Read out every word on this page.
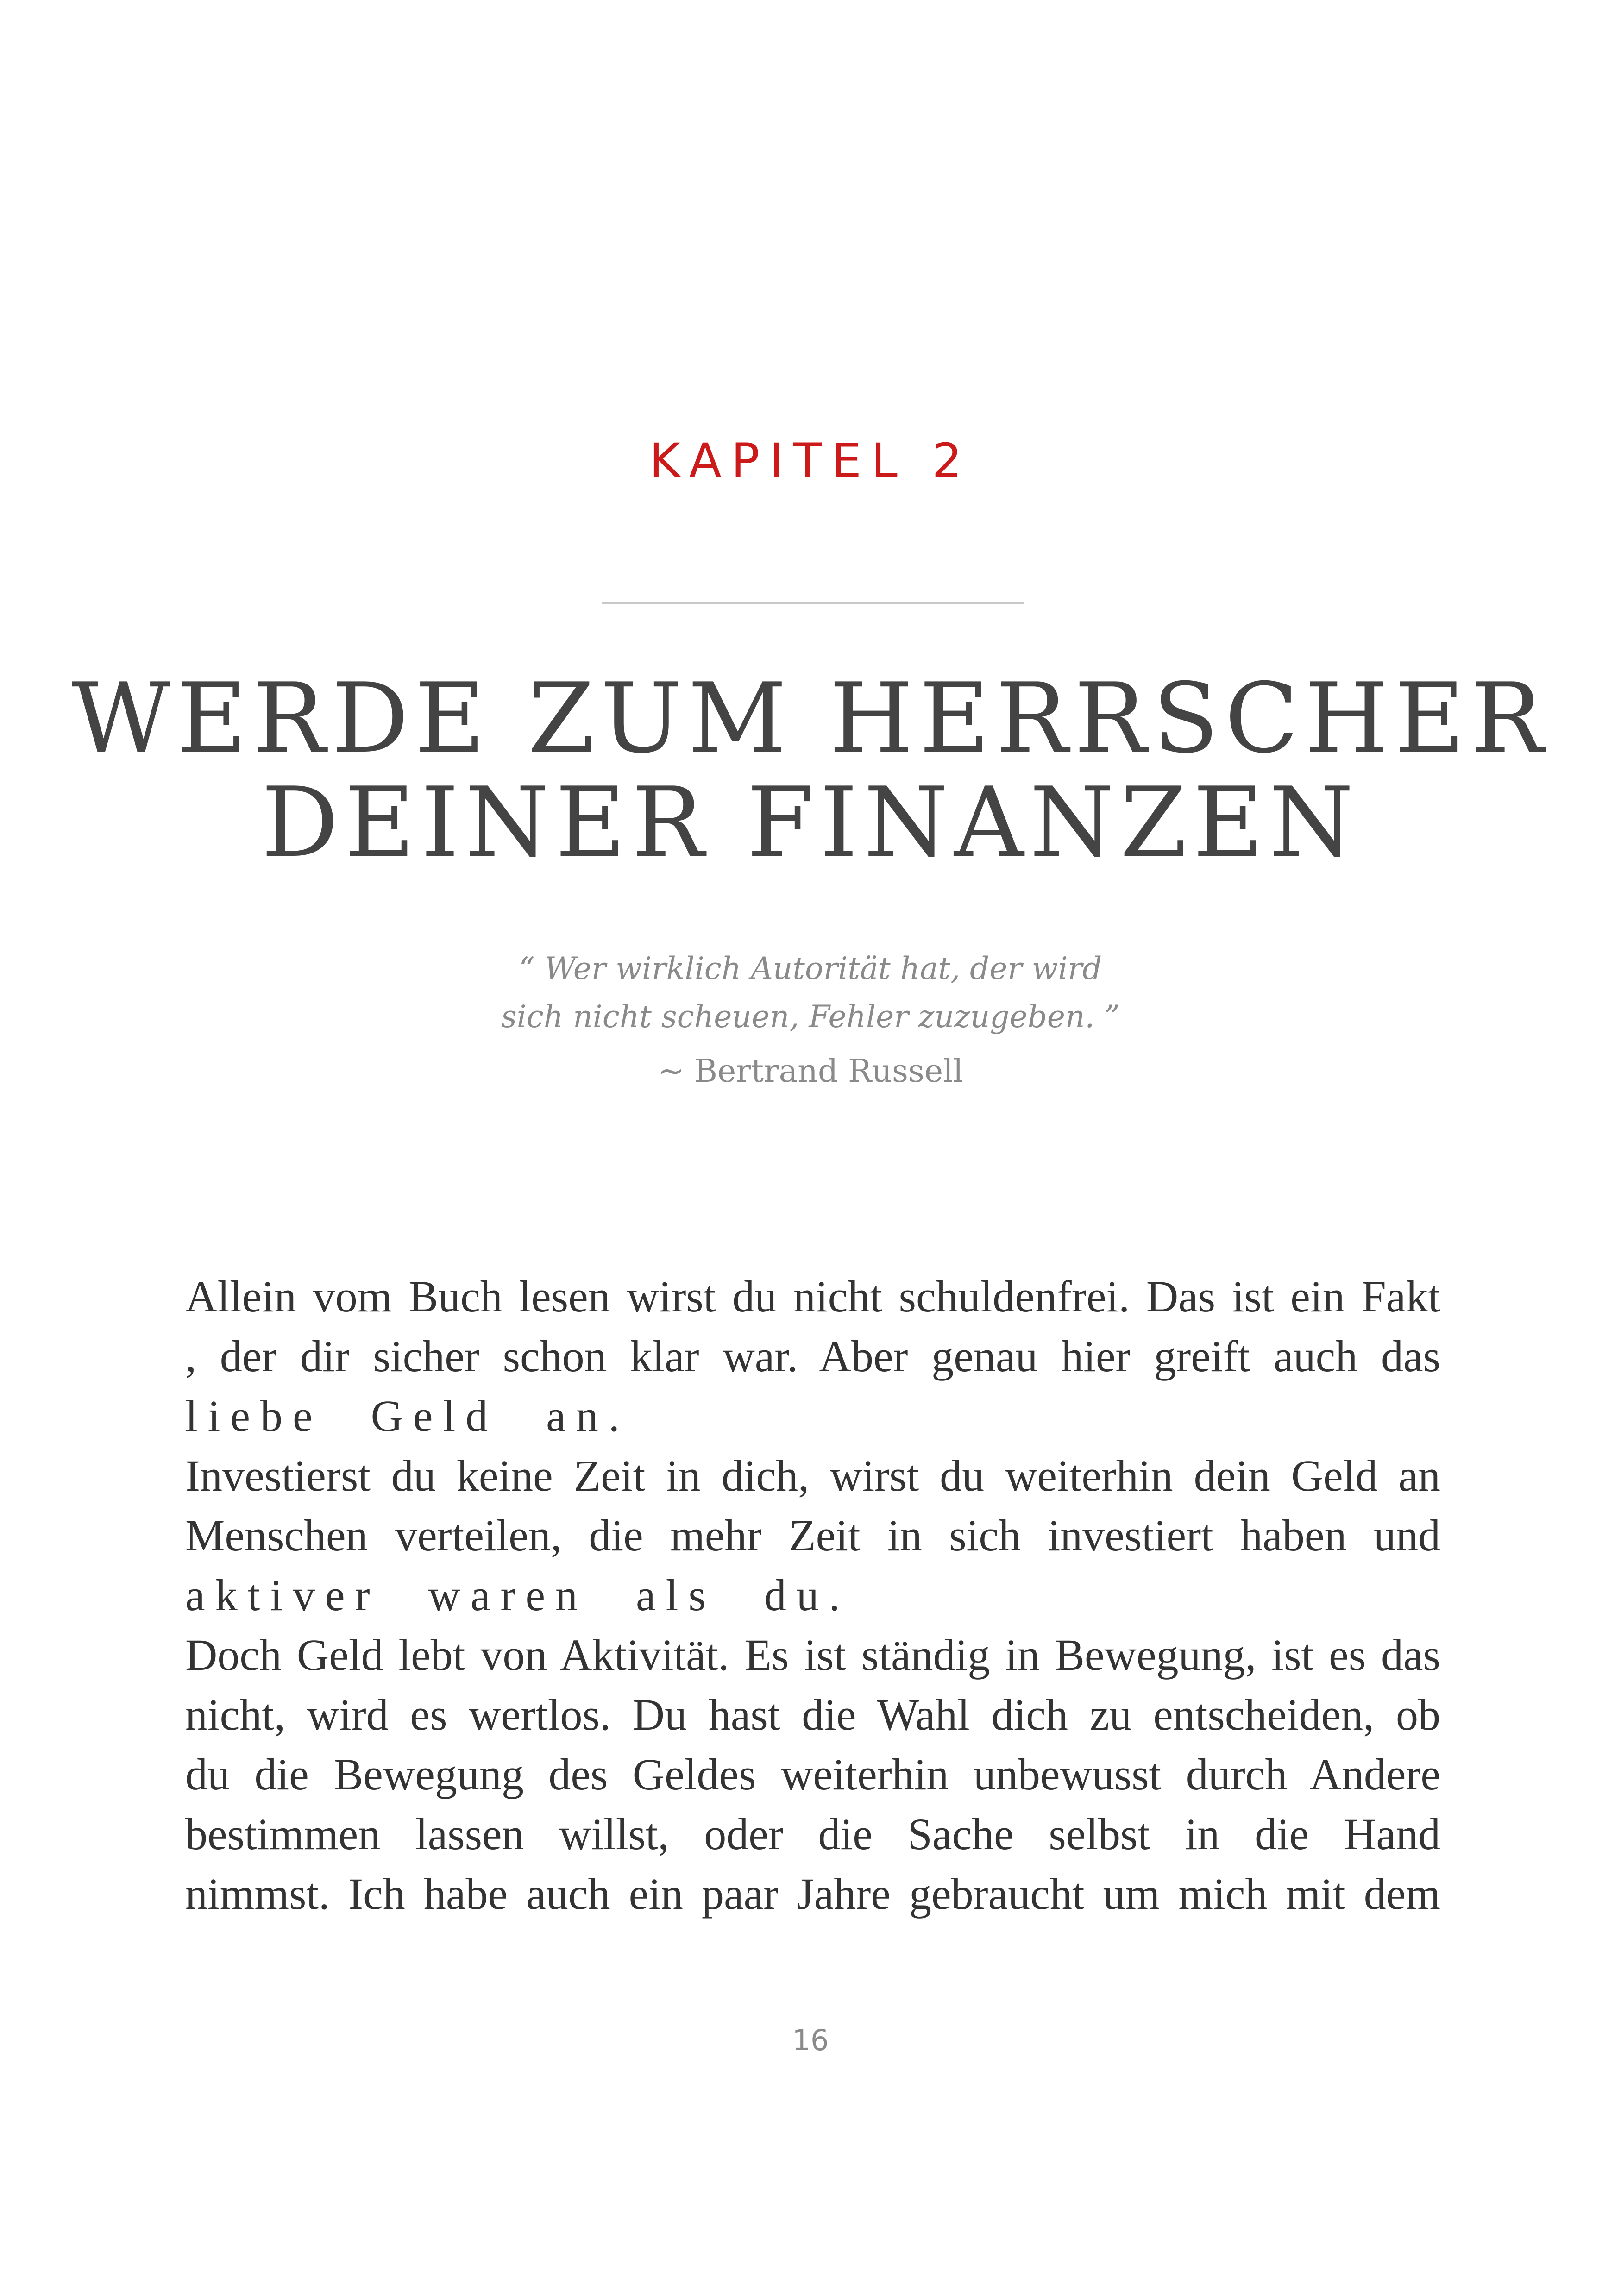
KAPITEL 2
WERDE ZUM HERRSCHER
DEINER FINANZEN
“ Wer wirklich Autorität hat, der wird
sich nicht scheuen, Fehler zuzugeben. ”
~ Bertrand Russell
Allein vom Buch lesen wirst du nicht schuldenfrei. Das ist ein Fakt
, der dir sicher schon klar war. Aber genau hier greift auch das
liebe Geld an.
Investierst du keine Zeit in dich, wirst du weiterhin dein Geld an
Menschen verteilen, die mehr Zeit in sich investiert haben und
aktiver waren als du.
Doch Geld lebt von Aktivität. Es ist ständig in Bewegung, ist es das
nicht, wird es wertlos. Du hast die Wahl dich zu entscheiden, ob
du die Bewegung des Geldes weiterhin unbewusst durch Andere
bestimmen lassen willst, oder die Sache selbst in die Hand
nimmst. Ich habe auch ein paar Jahre gebraucht um mich mit dem
16
